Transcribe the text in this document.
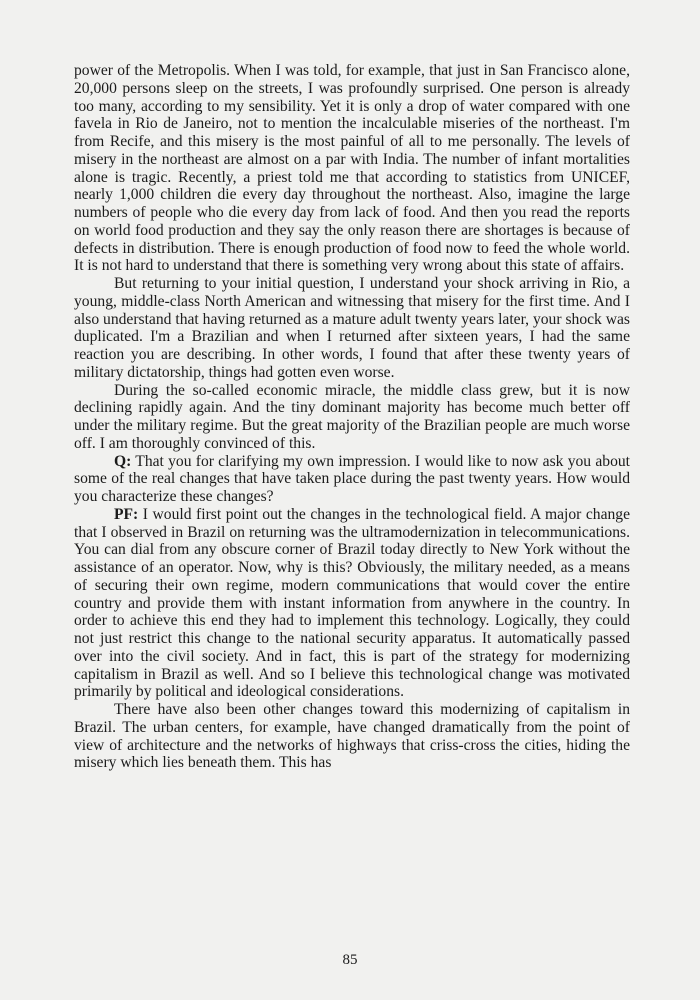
power of the Metropolis. When I was told, for example, that just in San Francisco alone, 20,000 persons sleep on the streets, I was profoundly surprised. One person is already too many, according to my sensibility. Yet it is only a drop of water compared with one favela in Rio de Janeiro, not to mention the incalculable miseries of the northeast. I'm from Recife, and this misery is the most painful of all to me personally. The levels of misery in the northeast are almost on a par with India. The number of infant mortalities alone is tragic. Recently, a priest told me that according to statistics from UNICEF, nearly 1,000 children die every day throughout the northeast. Also, imagine the large numbers of people who die every day from lack of food. And then you read the reports on world food production and they say the only reason there are shortages is because of defects in distribution. There is enough production of food now to feed the whole world. It is not hard to understand that there is something very wrong about this state of affairs.

But returning to your initial question, I understand your shock arriving in Rio, a young, middle-class North American and witnessing that misery for the first time. And I also understand that having returned as a mature adult twenty years later, your shock was duplicated. I'm a Brazilian and when I returned after sixteen years, I had the same reaction you are describing. In other words, I found that after these twenty years of military dictatorship, things had gotten even worse.

During the so-called economic miracle, the middle class grew, but it is now declining rapidly again. And the tiny dominant majority has become much better off under the military regime. But the great majority of the Brazilian people are much worse off. I am thoroughly convinced of this.

Q: That you for clarifying my own impression. I would like to now ask you about some of the real changes that have taken place during the past twenty years. How would you characterize these changes?

PF: I would first point out the changes in the technological field. A major change that I observed in Brazil on returning was the ultramodernization in telecommunications. You can dial from any obscure corner of Brazil today directly to New York without the assistance of an operator. Now, why is this? Obviously, the military needed, as a means of securing their own regime, modern communications that would cover the entire country and provide them with instant information from anywhere in the country. In order to achieve this end they had to implement this technology. Logically, they could not just restrict this change to the national security apparatus. It automatically passed over into the civil society. And in fact, this is part of the strategy for modernizing capitalism in Brazil as well. And so I believe this technological change was motivated primarily by political and ideological considerations.

There have also been other changes toward this modernizing of capitalism in Brazil. The urban centers, for example, have changed dramatically from the point of view of architecture and the networks of highways that criss-cross the cities, hiding the misery which lies beneath them. This has

85
